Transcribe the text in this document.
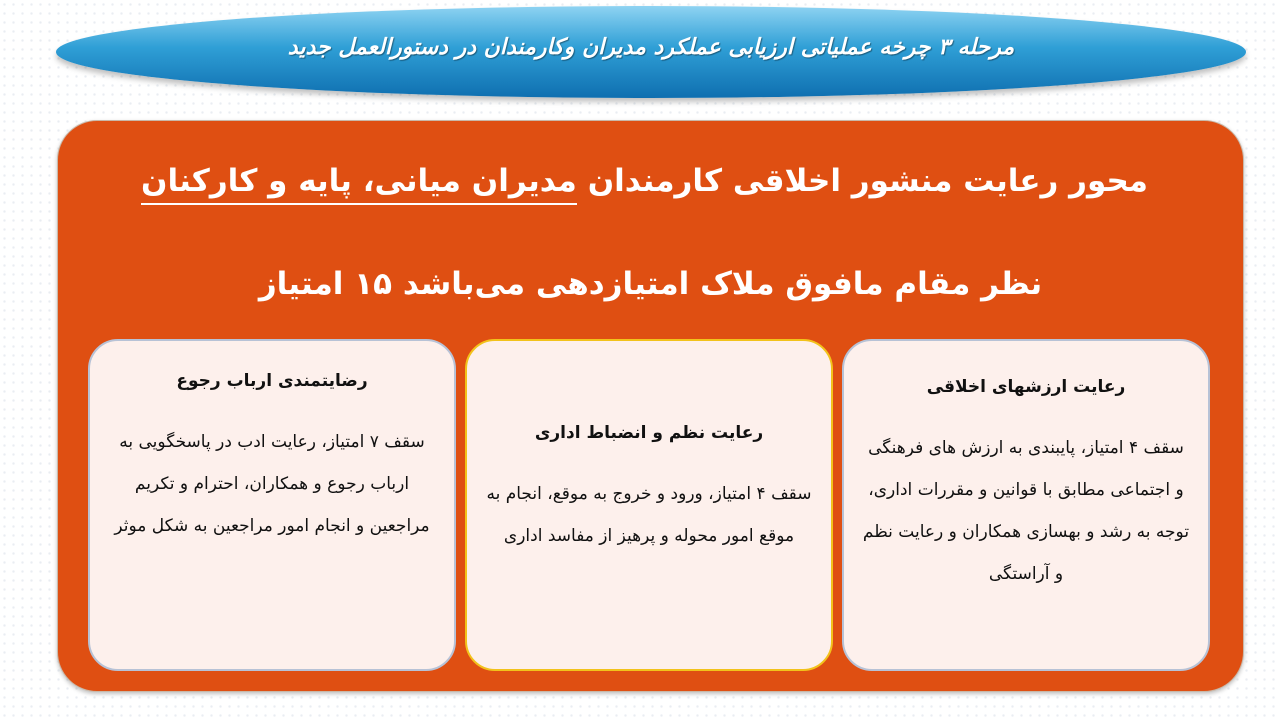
مرحله ۳ چرخه عملیاتی ارزیابی عملکرد مدیران وکارمندان در دستورالعمل جدید
محور رعایت منشور اخلاقی کارمندان مدیران میانی، پایه و کارکنان
نظر مقام مافوق ملاک امتیازدهی می‌باشد ۱۵ امتیاز
رعایت ارزشهای اخلاقی
سقف ۴ امتیاز، پایبندی به ارزش های فرهنگی و اجتماعی مطابق با قوانین و مقررات اداری، توجه به رشد و بهسازی همکاران و رعایت نظم و آراستگی
رعایت نظم و انضباط اداری
سقف ۴ امتیاز، ورود و خروج به موقع، انجام به موقع امور محوله و پرهیز از مفاسد اداری
رضایتمندی ارباب رجوع
سقف ۷ امتیاز، رعایت ادب در پاسخگویی به ارباب رجوع و همکاران، احترام و تکریم مراجعین و انجام امور مراجعین به شکل موثر
